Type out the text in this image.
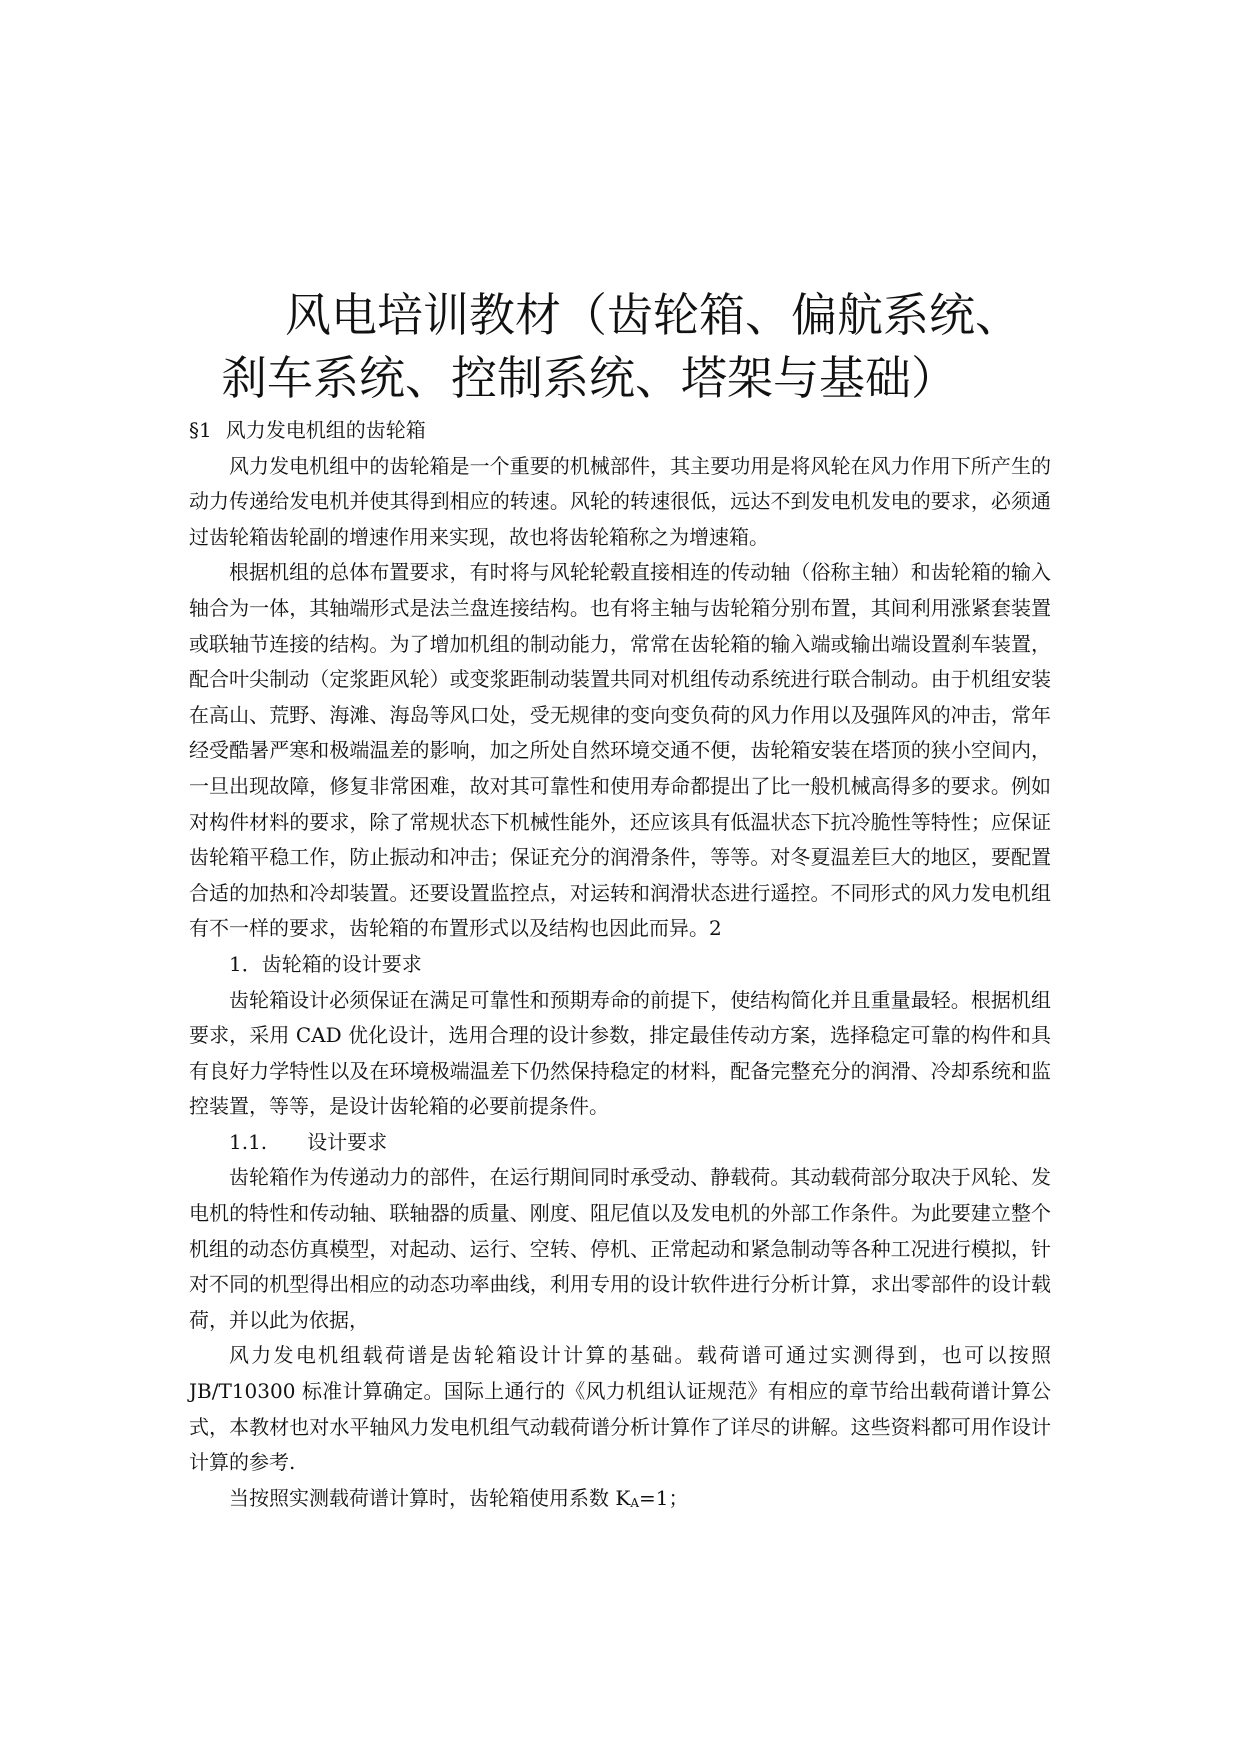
风电培训教材（齿轮箱、偏航系统、
刹车系统、控制系统、塔架与基础）

§1 风力发电机组的齿轮箱

风力发电机组中的齿轮箱是一个重要的机械部件，其主要功用是将风轮在风力作用下所产生的动力传递给发电机并使其得到相应的转速。风轮的转速很低，远达不到发电机发电的要求，必须通过齿轮箱齿轮副的增速作用来实现，故也将齿轮箱称之为增速箱。

根据机组的总体布置要求，有时将与风轮轮毂直接相连的传动轴（俗称主轴）和齿轮箱的输入轴合为一体，其轴端形式是法兰盘连接结构。也有将主轴与齿轮箱分别布置，其间利用涨紧套装置或联轴节连接的结构。为了增加机组的制动能力，常常在齿轮箱的输入端或输出端设置刹车装置，配合叶尖制动（定浆距风轮）或变浆距制动装置共同对机组传动系统进行联合制动。由于机组安装在高山、荒野、海滩、海岛等风口处，受无规律的变向变负荷的风力作用以及强阵风的冲击，常年经受酷暑严寒和极端温差的影响，加之所处自然环境交通不便，齿轮箱安装在塔顶的狭小空间内，一旦出现故障，修复非常困难，故对其可靠性和使用寿命都提出了比一般机械高得多的要求。例如对构件材料的要求，除了常规状态下机械性能外，还应该具有低温状态下抗冷脆性等特性；应保证齿轮箱平稳工作，防止振动和冲击；保证充分的润滑条件，等等。对冬夏温差巨大的地区，要配置合适的加热和冷却装置。还要设置监控点，对运转和润滑状态进行遥控。不同形式的风力发电机组有不一样的要求，齿轮箱的布置形式以及结构也因此而异。2

1．齿轮箱的设计要求

齿轮箱设计必须保证在满足可靠性和预期寿命的前提下，使结构简化并且重量最轻。根据机组要求，采用 CAD 优化设计，选用合理的设计参数，排定最佳传动方案，选择稳定可靠的构件和具有良好力学特性以及在环境极端温差下仍然保持稳定的材料，配备完整充分的润滑、冷却系统和监控装置，等等，是设计齿轮箱的必要前提条件。

1.1. 设计要求

齿轮箱作为传递动力的部件，在运行期间同时承受动、静载荷。其动载荷部分取决于风轮、发电机的特性和传动轴、联轴器的质量、刚度、阻尼值以及发电机的外部工作条件。为此要建立整个机组的动态仿真模型，对起动、运行、空转、停机、正常起动和紧急制动等各种工况进行模拟，针对不同的机型得出相应的动态功率曲线，利用专用的设计软件进行分析计算，求出零部件的设计载荷，并以此为依据，

风力发电机组载荷谱是齿轮箱设计计算的基础。载荷谱可通过实测得到，也可以按照 JB/T10300 标准计算确定。国际上通行的《风力机组认证规范》有相应的章节给出载荷谱计算公式，本教材也对水平轴风力发电机组气动载荷谱分析计算作了详尽的讲解。这些资料都可用作设计计算的参考.

当按照实测载荷谱计算时，齿轮箱使用系数 $K_A=1$；
